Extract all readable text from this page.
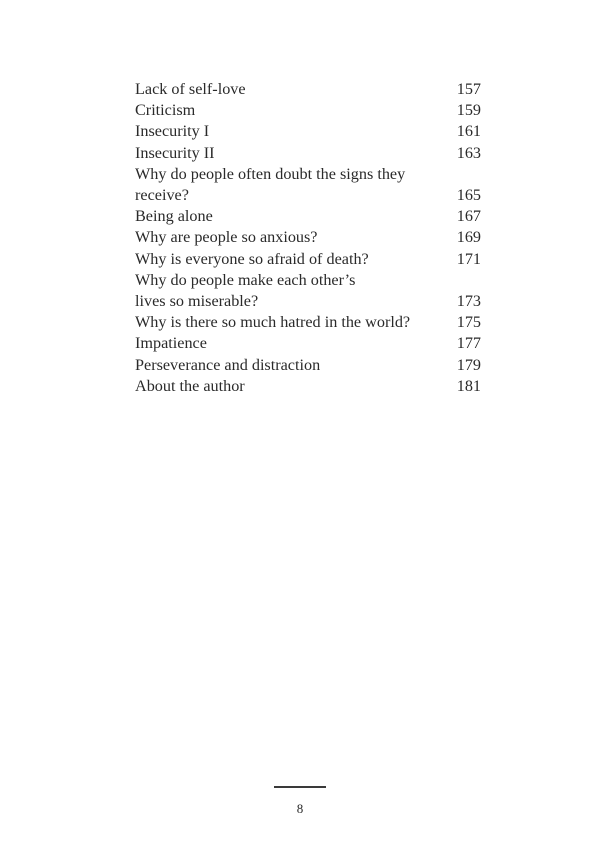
Lack of self-love	157
Criticism	159
Insecurity I	161
Insecurity II	163
Why do people often doubt the signs they
receive?	165
Being alone	167
Why are people so anxious?	169
Why is everyone so afraid of death?	171
Why do people make each other’s
lives so miserable?	173
Why is there so much hatred in the world?	175
Impatience	177
Perseverance and distraction	179
About the author	181
8
